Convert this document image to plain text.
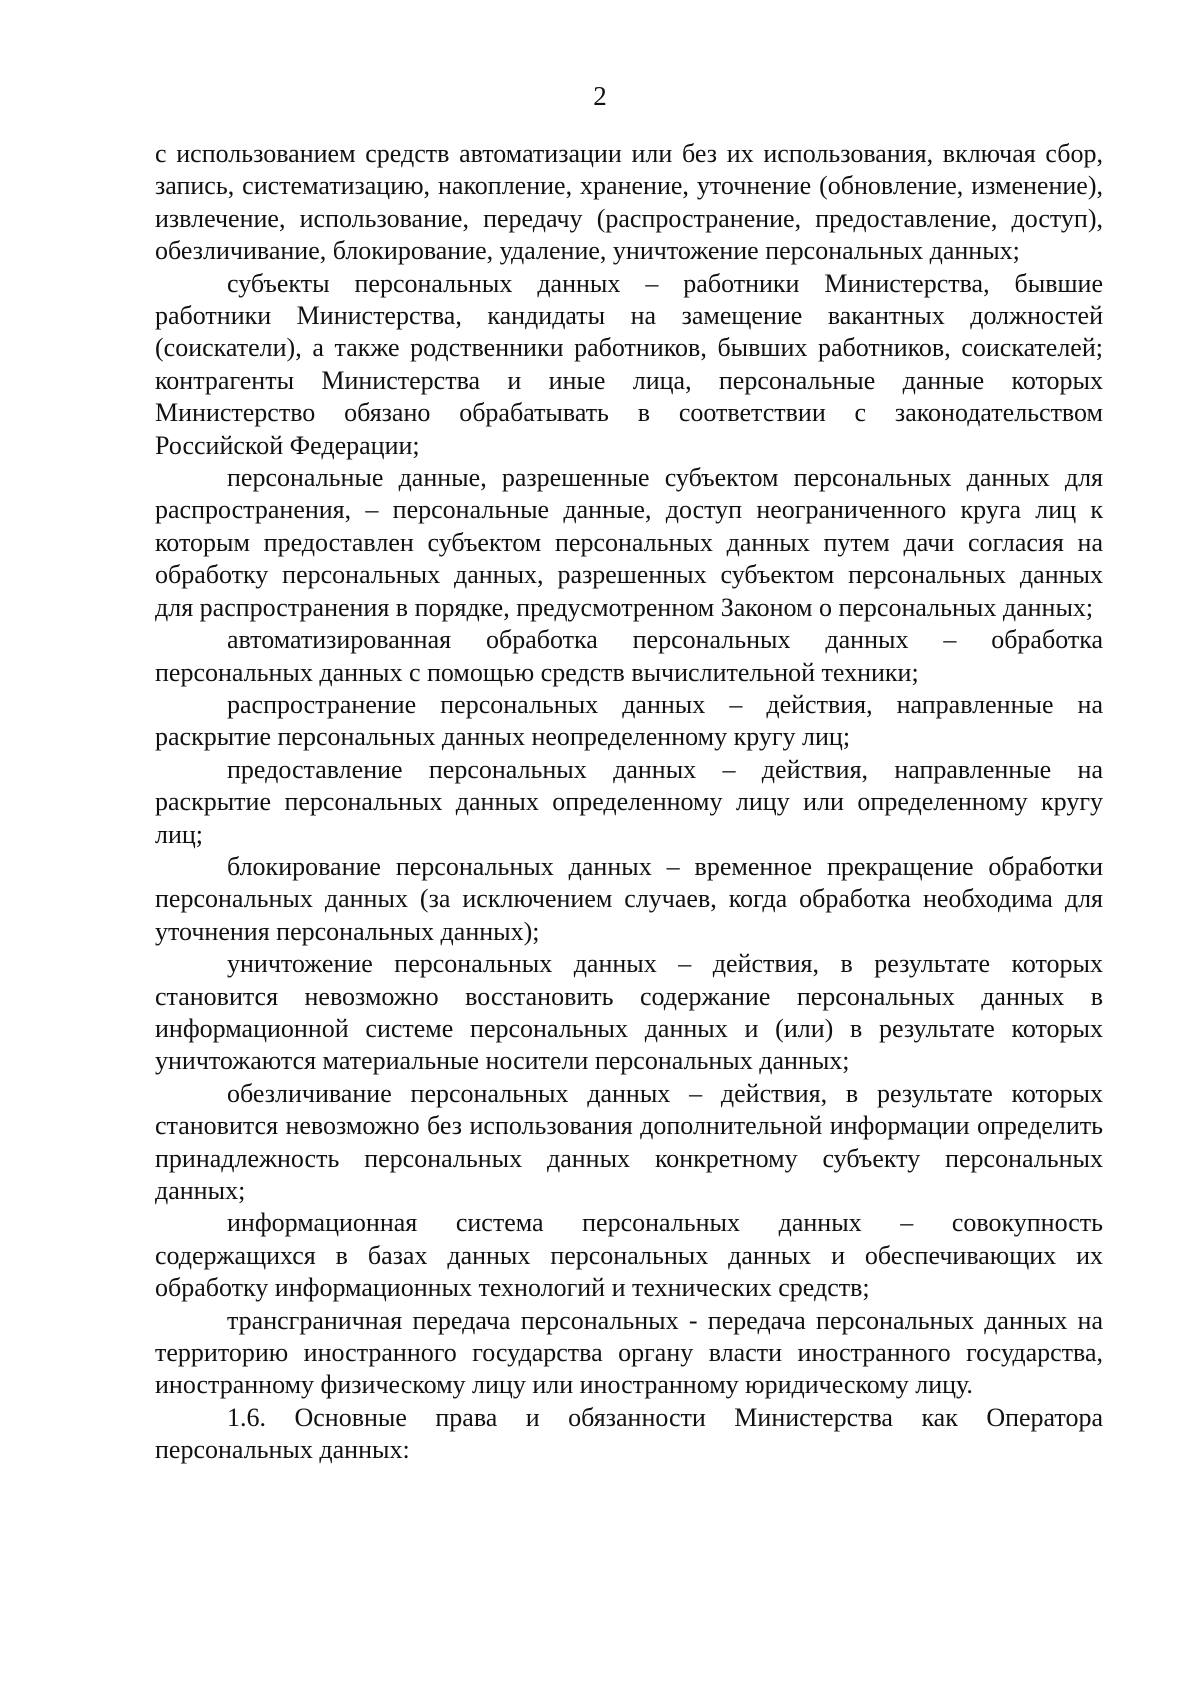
2

с использованием средств автоматизации или без их использования, включая сбор, запись, систематизацию, накопление, хранение, уточнение (обновление, изменение), извлечение, использование, передачу (распространение, предоставление, доступ), обезличивание, блокирование, удаление, уничтожение персональных данных;

субъекты персональных данных – работники Министерства, бывшие работники Министерства, кандидаты на замещение вакантных должностей (соискатели), а также родственники работников, бывших работников, соискателей; контрагенты Министерства и иные лица, персональные данные которых Министерство обязано обрабатывать в соответствии с законодательством Российской Федерации;

персональные данные, разрешенные субъектом персональных данных для распространения, – персональные данные, доступ неограниченного круга лиц к которым предоставлен субъектом персональных данных путем дачи согласия на обработку персональных данных, разрешенных субъектом персональных данных для распространения в порядке, предусмотренном Законом о персональных данных;

автоматизированная обработка персональных данных – обработка персональных данных с помощью средств вычислительной техники;

распространение персональных данных – действия, направленные на раскрытие персональных данных неопределенному кругу лиц;

предоставление персональных данных – действия, направленные на раскрытие персональных данных определенному лицу или определенному кругу лиц;

блокирование персональных данных – временное прекращение обработки персональных данных (за исключением случаев, когда обработка необходима для уточнения персональных данных);

уничтожение персональных данных – действия, в результате которых становится невозможно восстановить содержание персональных данных в информационной системе персональных данных и (или) в результате которых уничтожаются материальные носители персональных данных;

обезличивание персональных данных – действия, в результате которых становится невозможно без использования дополнительной информации определить принадлежность персональных данных конкретному субъекту персональных данных;

информационная система персональных данных – совокупность содержащихся в базах данных персональных данных и обеспечивающих их обработку информационных технологий и технических средств;

трансграничная передача персональных - передача персональных данных на территорию иностранного государства органу власти иностранного государства, иностранному физическому лицу или иностранному юридическому лицу.

1.6. Основные права и обязанности Министерства как Оператора персональных данных:
